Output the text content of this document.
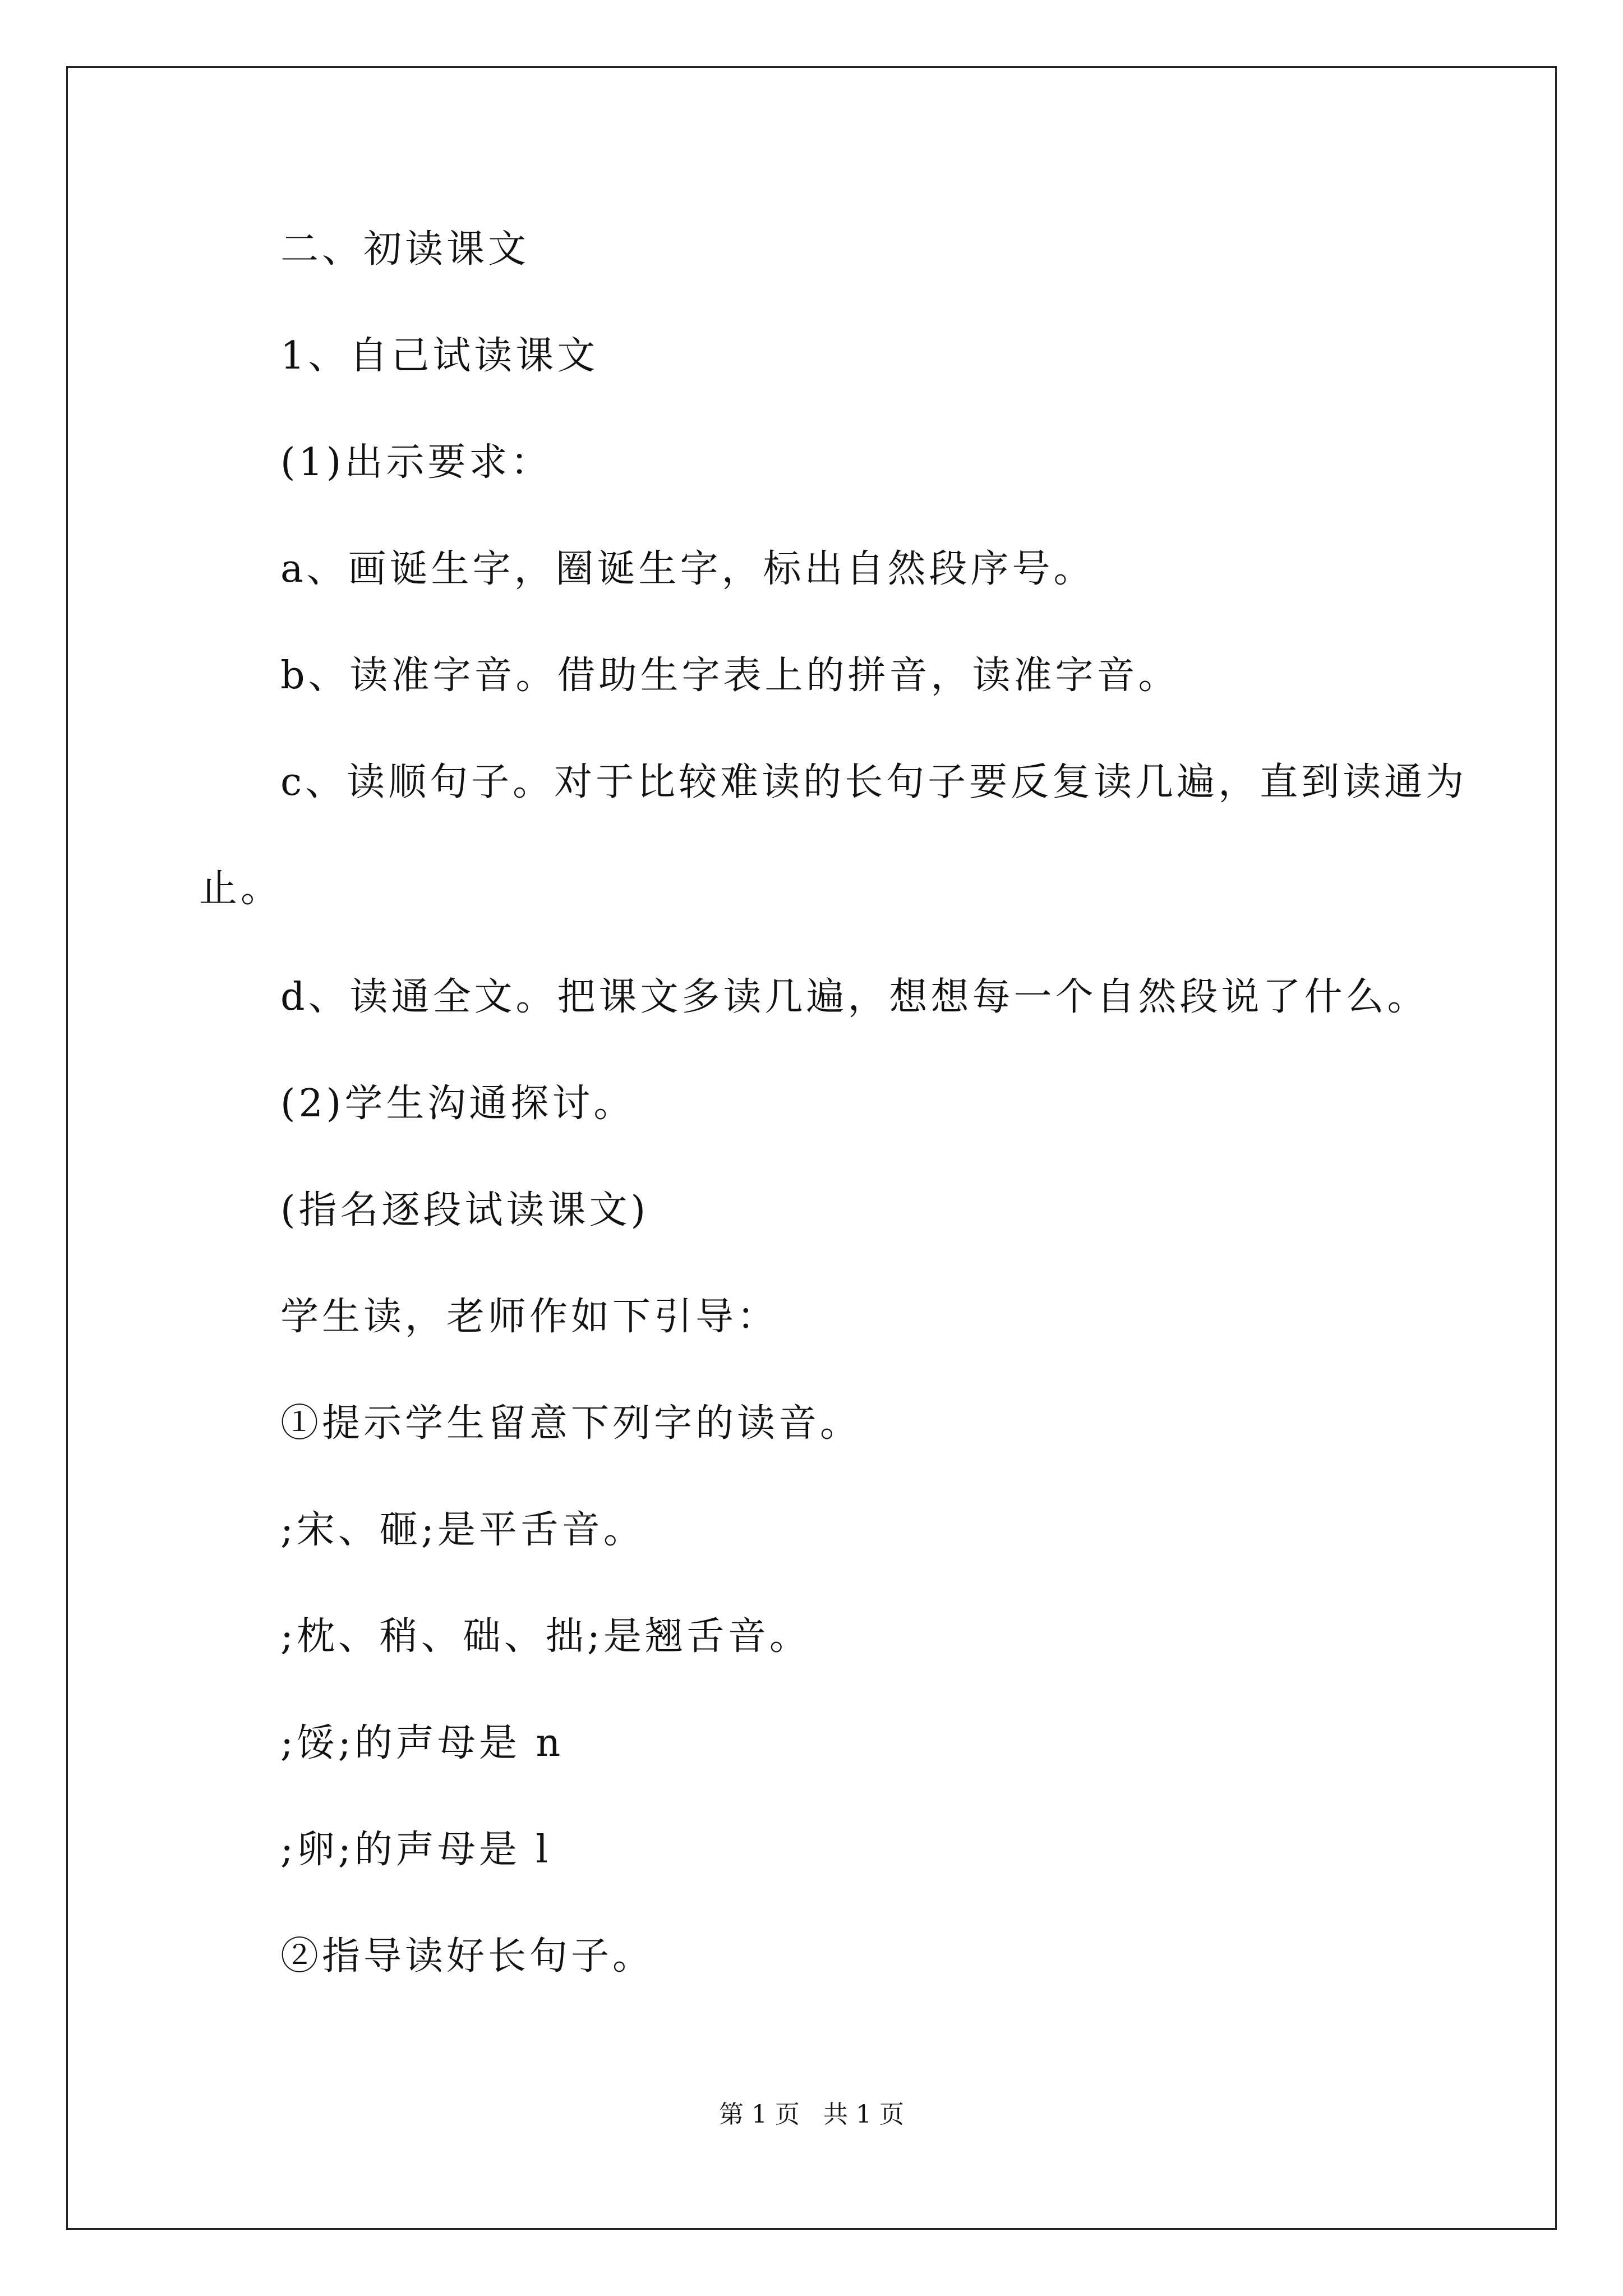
二、初读课文
1、自己试读课文
(1)出示要求：
a、画诞生字，圈诞生字，标出自然段序号。
b、读准字音。借助生字表上的拼音，读准字音。
c、读顺句子。对于比较难读的长句子要反复读几遍，直到读通为
止。
d、读通全文。把课文多读几遍，想想每一个自然段说了什么。
(2)学生沟通探讨。
(指名逐段试读课文)
学生读，老师作如下引导：
①提示学生留意下列字的读音。
;宋、砸;是平舌音。
;枕、稍、础、拙;是翘舌音。
;馁;的声母是 n
;卵;的声母是 l
②指导读好长句子。
第 1 页 共 1 页
